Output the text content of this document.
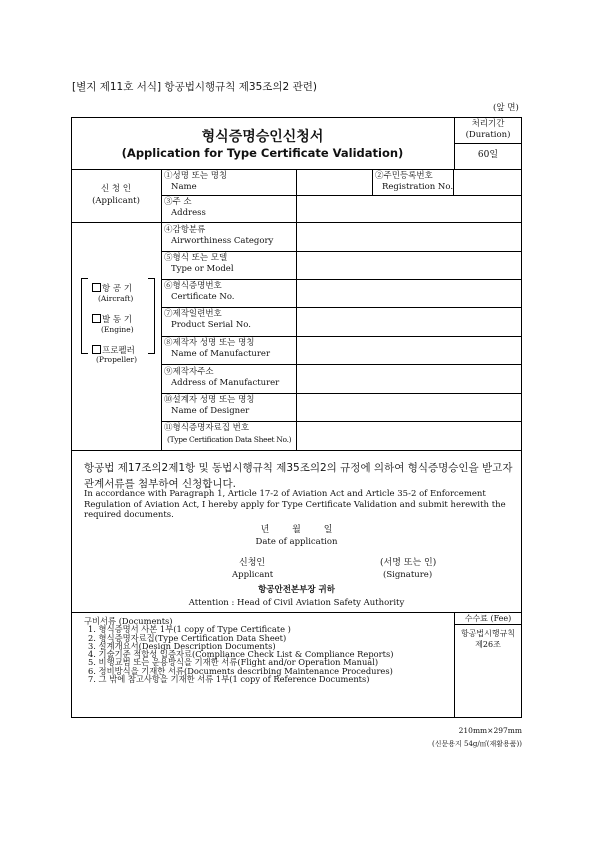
[별지 제11호 서식] 항공법시행규칙 제35조의2 관련)
(앞 면)
형식증명승인신청서
(Application for Type Certificate Validation)
처리기간
(Duration)
60일
신 청 인
(Applicant)
①성명 또는 명칭
Name
②주민등록번호
Registration No.
③주 소
Address
항 공 기
(Aircraft)
발 동 기
(Engine)
프로펠러
(Propeller)
④감항분류
Airworthiness Category
⑤형식 또는 모델
Type or Model
⑥형식증명번호
Certificate No.
⑦제작일련번호
Product Serial No.
⑧제작자 성명 또는 명칭
Name of Manufacturer
⑨제작자주소
Address of Manufacturer
⑩설계자 성명 또는 명칭
Name of Designer
⑪형식증명자료집 번호
(Type Certification Data Sheet No.)
항공법 제17조의2제1항 및 동법시행규칙 제35조의2의 규정에 의하여 형식증명승인을 받고자 관계서류를 첨부하여 신청합니다.
In accordance with Paragraph 1, Article 17-2 of Aviation Act and Article 35-2 of Enforcement Regulation of Aviation Act, I hereby apply for Type Certificate Validation and submit herewith the required documents.
년        월        일
Date of application
신청인
Applicant
(서명 또는 인)
(Signature)
항공안전본부장 귀하
Attention : Head of Civil Aviation Safety Authority
구비서류 (Documents)
1. 형식증명서 사본 1부(1 copy of Type Certificate )
2. 형식증명자료집(Type Certification Data Sheet)
3. 설계개요서(Design Description Documents)
4. 기술기준 적합성 입증자료(Compliance Check List & Compliance Reports)
5. 비행교범 또는 운용방식을 기재한 서류(Flight and/or Operation Manual)
6. 정비방식을 기재한 서류(Documents describing Maintenance Procedures)
7. 그 밖에 참고사항을 기재한 서류 1부(1 copy of Reference Documents)
수수료 (Fee)
항공법시행규칙
제26조
210mm×297mm
(신문용지 54g/㎡(재활용품))
